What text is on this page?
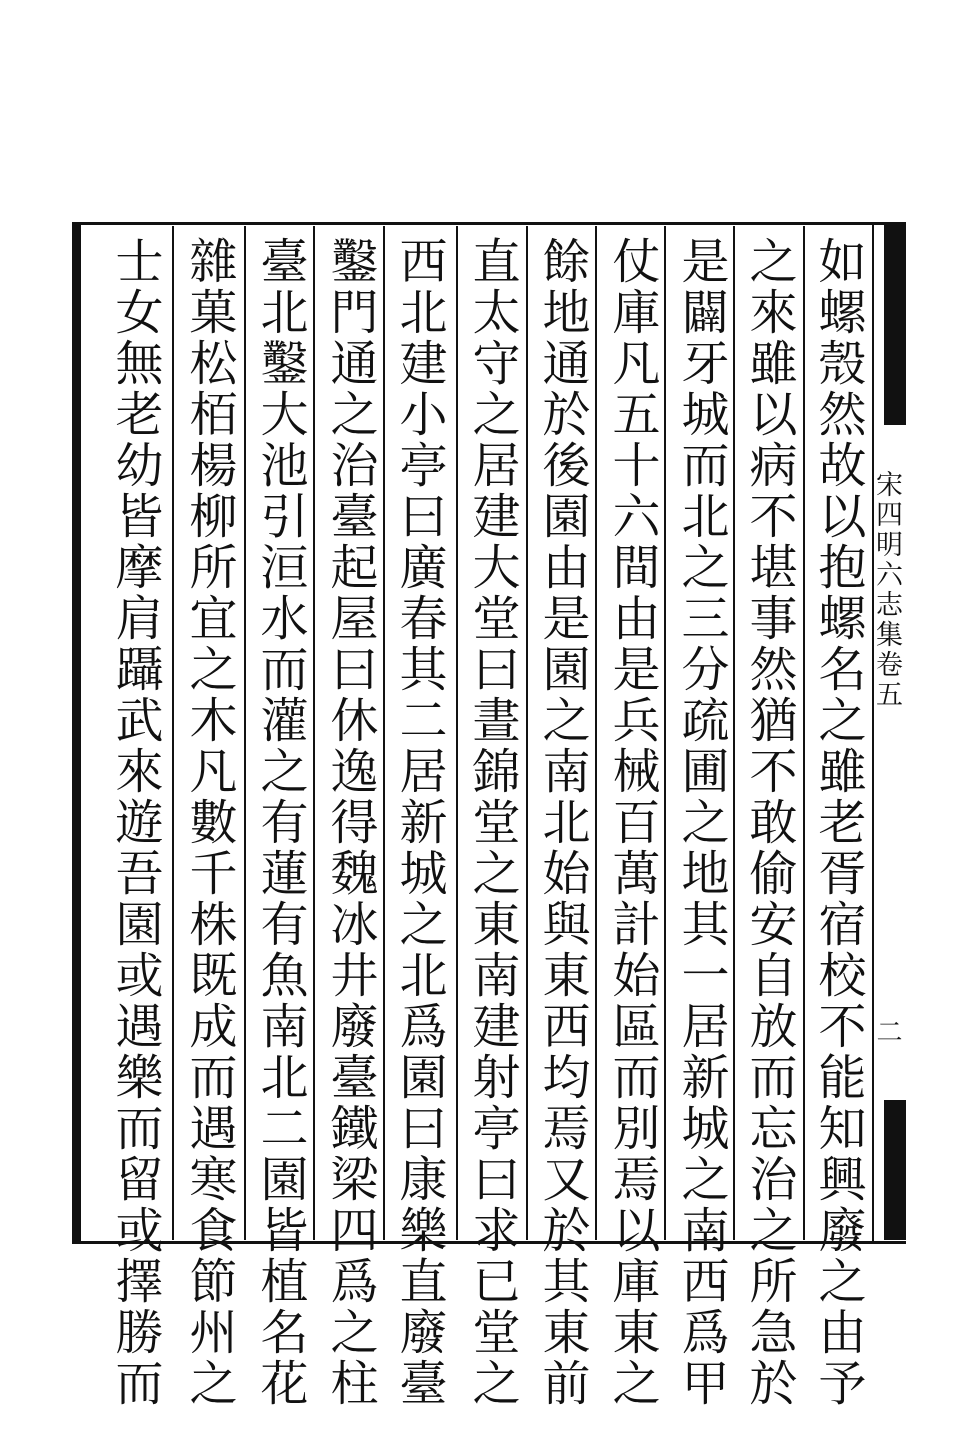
宋四明六志集卷五
二
如螺殼然故以抱螺名之雖老胥宿校不能知興廢之由予
之來雖以病不堪事然猶不敢偷安自放而忘治之所急於
是闢牙城而北之三分疏圃之地其一居新城之南西爲甲
仗庫凡五十六間由是兵械百萬計始區而別焉以庫東之
餘地通於後園由是園之南北始與東西均焉又於其東前
直太守之居建大堂曰晝錦堂之東南建射亭曰求已堂之
西北建小亭曰廣春其二居新城之北爲園曰康樂直廢臺
鑿門通之治臺起屋曰休逸得魏冰井廢臺鐵梁四爲之柱
臺北鑿大池引洹水而灌之有蓮有魚南北二園皆植名花
雜菓松栢楊柳所宜之木凡數千株既成而遇寒食節州之
士女無老幼皆摩肩躡武來遊吾園或遇樂而留或擇勝而
